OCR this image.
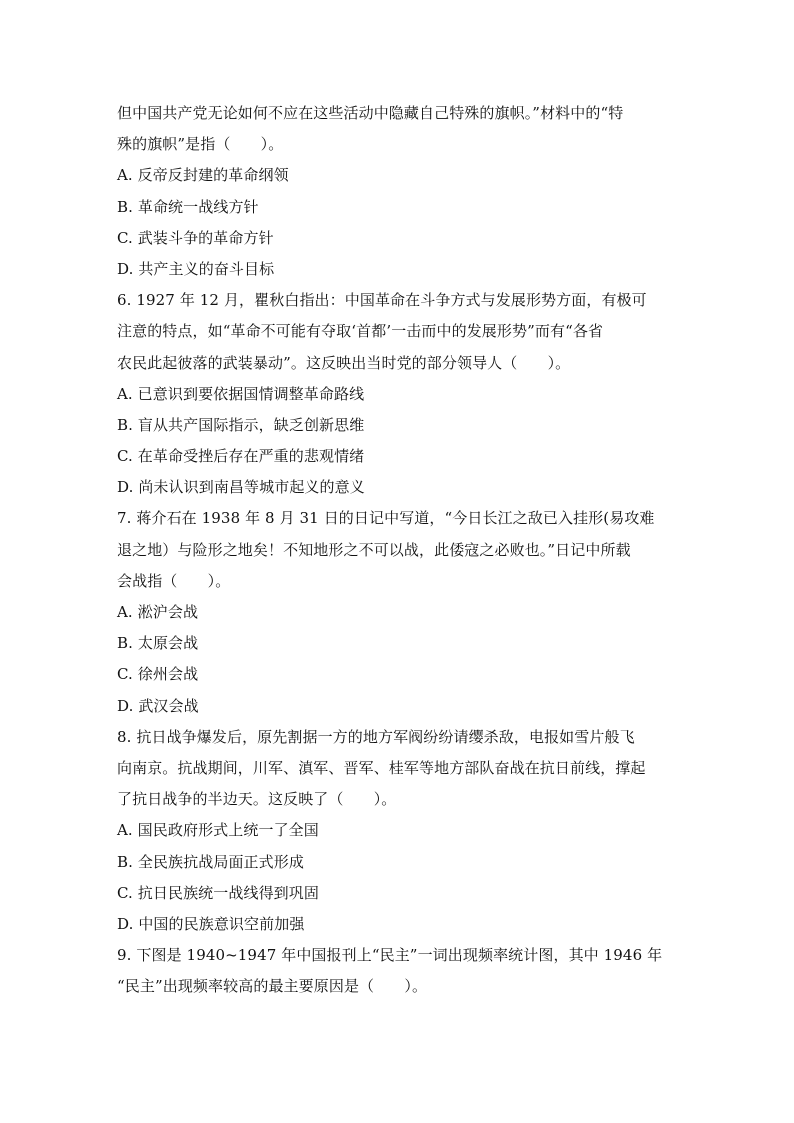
但中国共产党无论如何不应在这些活动中隐藏自己特殊的旗帜。”材料中的“特
殊的旗帜”是指（　　）。
A. 反帝反封建的革命纲领
B. 革命统一战线方针
C. 武装斗争的革命方针
D. 共产主义的奋斗目标
6. 1927 年 12 月，瞿秋白指出：中国革命在斗争方式与发展形势方面，有极可
注意的特点，如“革命不可能有夺取‘首都’一击而中的发展形势”而有“各省
农民此起彼落的武装暴动”。这反映出当时党的部分领导人（　　）。
A. 已意识到要依据国情调整革命路线
B. 盲从共产国际指示，缺乏创新思维
C. 在革命受挫后存在严重的悲观情绪
D. 尚未认识到南昌等城市起义的意义
7. 蒋介石在 1938 年 8 月 31 日的日记中写道，“今日长江之敌已入挂形(易攻难
退之地）与险形之地矣！不知地形之不可以战，此倭寇之必败也。”日记中所载
会战指（　　）。
A. 淞沪会战
B. 太原会战
C. 徐州会战
D. 武汉会战
8. 抗日战争爆发后，原先割据一方的地方军阀纷纷请缨杀敌，电报如雪片般飞
向南京。抗战期间，川军、滇军、晋军、桂军等地方部队奋战在抗日前线，撑起
了抗日战争的半边天。这反映了（　　）。
A. 国民政府形式上统一了全国
B. 全民族抗战局面正式形成
C. 抗日民族统一战线得到巩固
D. 中国的民族意识空前加强
9. 下图是 1940~1947 年中国报刊上“民主”一词出现频率统计图，其中 1946 年
“民主”出现频率较高的最主要原因是（　　）。
